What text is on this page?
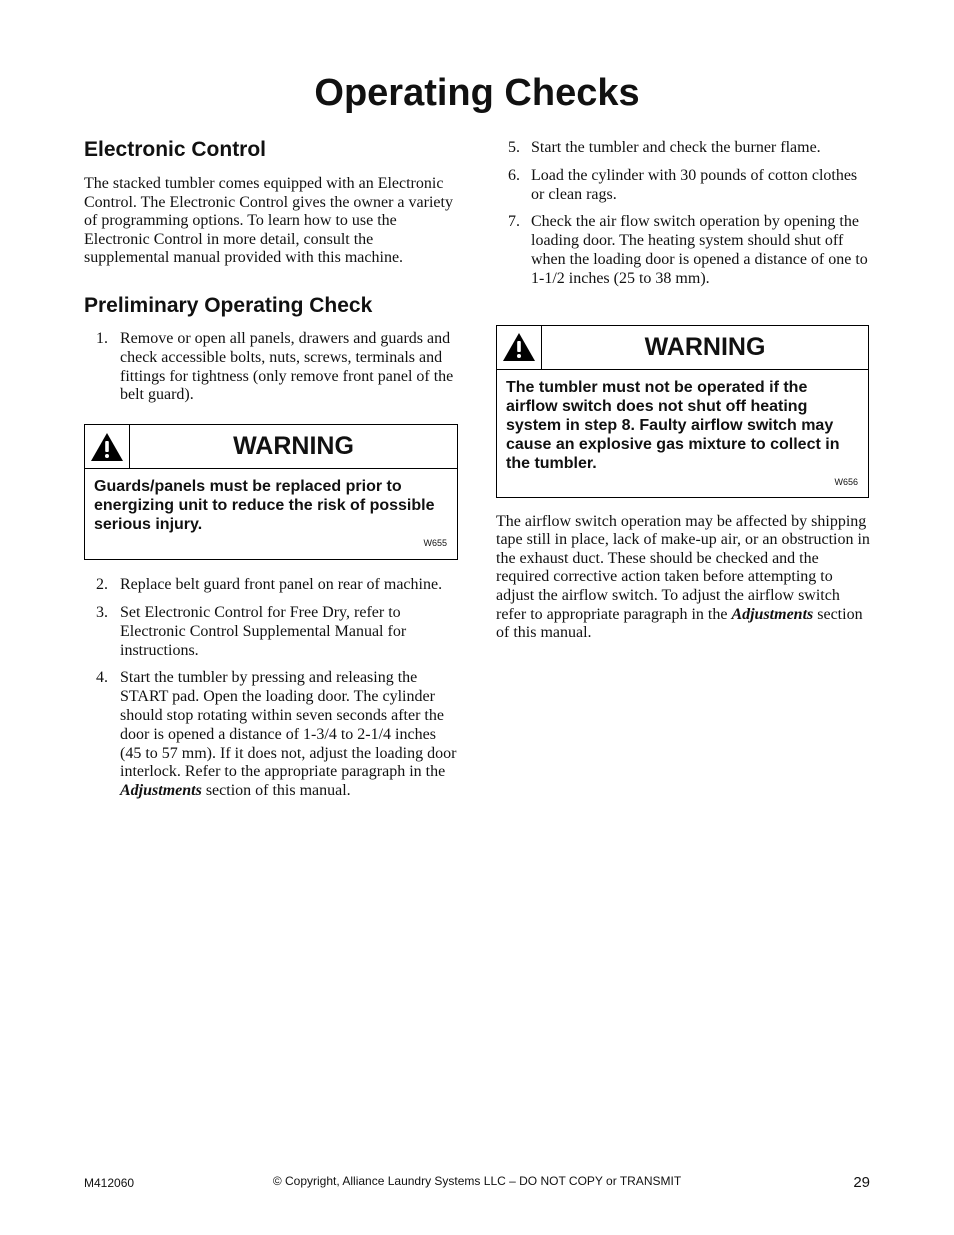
Operating Checks
Electronic Control

The stacked tumbler comes equipped with an Electronic Control. The Electronic Control gives the owner a variety of programming options. To learn how to use the Electronic Control in more detail, consult the supplemental manual provided with this machine.

Preliminary Operating Check
1. Remove or open all panels, drawers and guards and check accessible bolts, nuts, screws, terminals and fittings for tightness (only remove front panel of the belt guard).
WARNING
Guards/panels must be replaced prior to energizing unit to reduce the risk of possible serious injury.
W655
2. Replace belt guard front panel on rear of machine.
3. Set Electronic Control for Free Dry, refer to Electronic Control Supplemental Manual for instructions.
4. Start the tumbler by pressing and releasing the START pad. Open the loading door. The cylinder should stop rotating within seven seconds after the door is opened a distance of 1-3/4 to 2-1/4 inches (45 to 57 mm). If it does not, adjust the loading door interlock. Refer to the appropriate paragraph in the Adjustments section of this manual.
5. Start the tumbler and check the burner flame.
6. Load the cylinder with 30 pounds of cotton clothes or clean rags.
7. Check the air flow switch operation by opening the loading door. The heating system should shut off when the loading door is opened a distance of one to 1-1/2 inches (25 to 38 mm).
WARNING
The tumbler must not be operated if the airflow switch does not shut off heating system in step 8. Faulty airflow switch may cause an explosive gas mixture to collect in the tumbler.
W656

The airflow switch operation may be affected by shipping tape still in place, lack of make-up air, or an obstruction in the exhaust duct. These should be checked and the required corrective action taken before attempting to adjust the airflow switch. To adjust the airflow switch refer to appropriate paragraph in the Adjustments section of this manual.

M412060	© Copyright, Alliance Laundry Systems LLC – DO NOT COPY or TRANSMIT	29
